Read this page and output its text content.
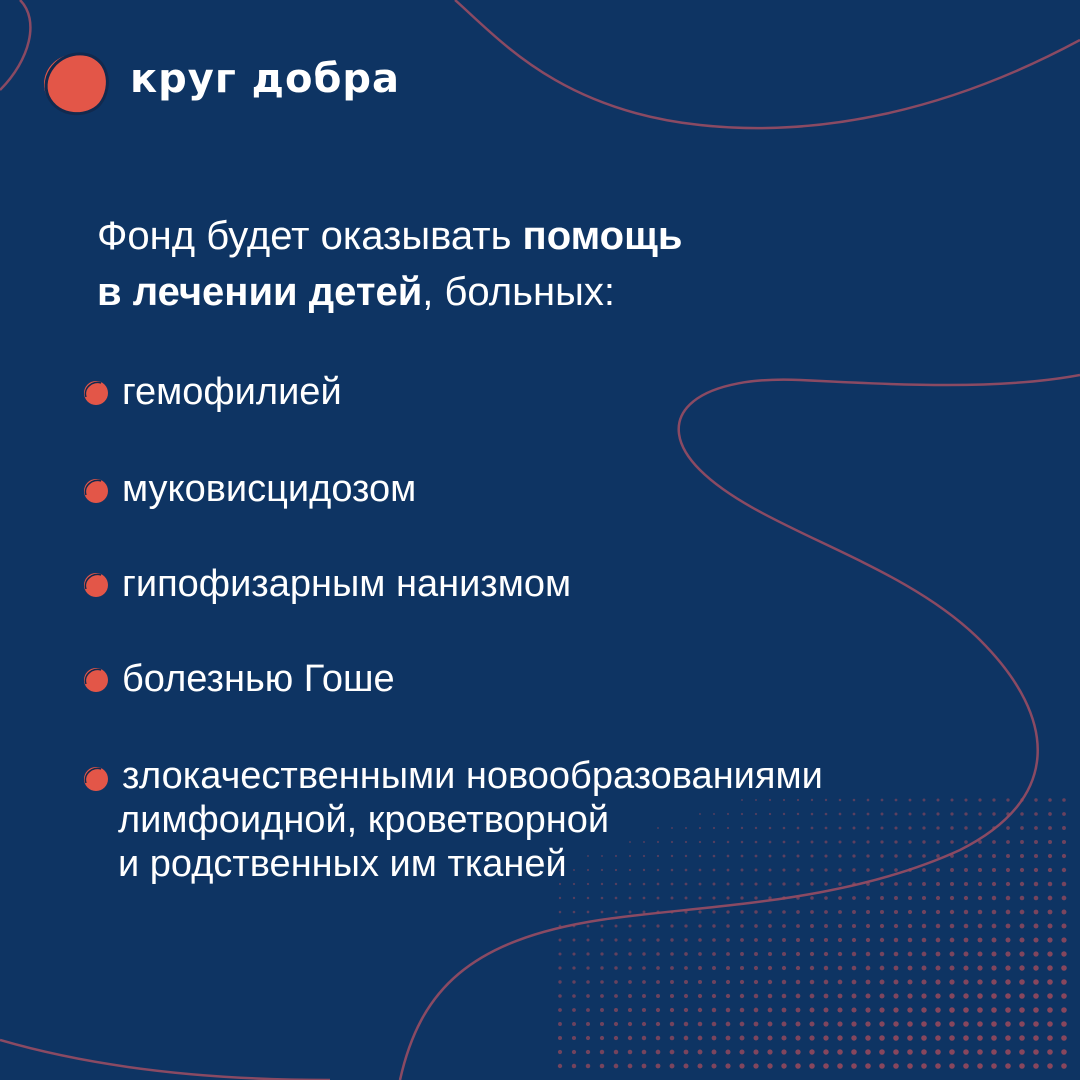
круг добра
Фонд будет оказывать помощь
в лечении детей, больных:
гемофилией
муковисцидозом
гипофизарным нанизмом
болезнью Гоше
злокачественными новообразованиями
лимфоидной, кроветворной
и родственных им тканей
